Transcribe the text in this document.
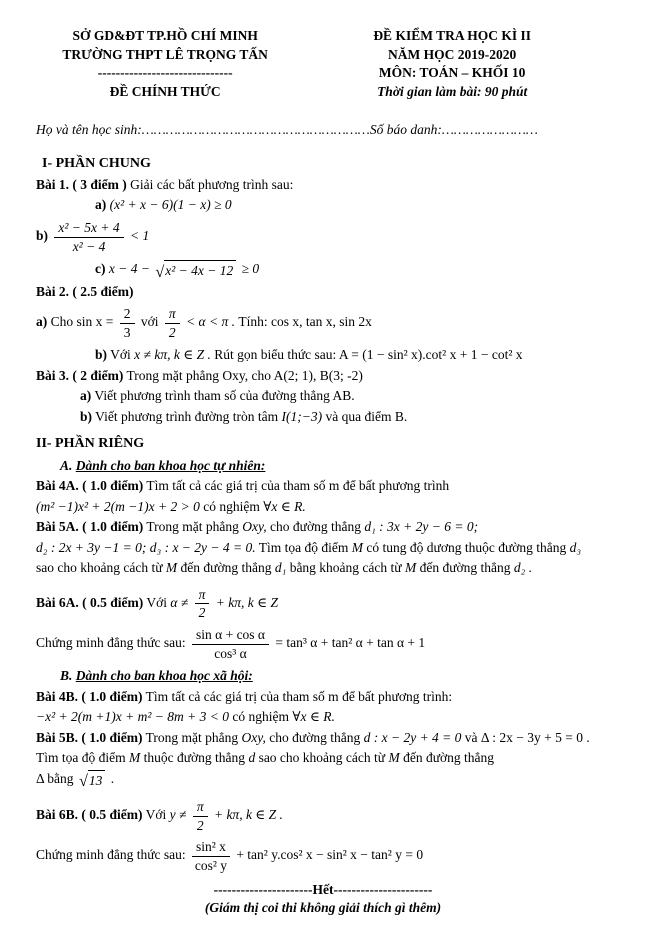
SỞ GD&ĐT TP.HỒ CHÍ MINH
TRƯỜNG THPT LÊ TRỌNG TẤN
------------------------------
ĐỀ CHÍNH THỨC
ĐỀ KIỂM TRA HỌC KÌ II
NĂM HỌC 2019-2020
MÔN: TOÁN – KHỐI 10
Thời gian làm bài: 90 phút
Họ và tên học sinh:…………………………………………………Số báo danh:……………………
I- PHẦN CHUNG
Bài 1. ( 3 điểm ) Giải các bất phương trình sau:
a) (x² + x − 6)(1 − x) ≥ 0
$b) \frac{\text{x² − 5x + 4}}{\text{x² − 4}} < 1$
c) x − 4 − √ x² − 4x − 12 ≥ 0
Bài 2. ( 2.5 điểm)
a) Cho $\sin x = \frac{2}{3}$ với $\frac{\pi}{2} < \alpha < \pi$ . Tính: cos x, tan x, sin 2x
b) Với x ≠ kπ, k ∈ Z . Rút gọn biểu thức sau: A = (1 − sin² x).cot² x + 1 − cot² x
Bài 3. ( 2 điểm) Trong mặt phẳng Oxy, cho A(2; 1), B(3; -2)
a) Viết phương trình tham số của đường thẳng AB.
b) Viết phương trình đường tròn tâm I(1;−3) và qua điểm B.
II- PHẦN RIÊNG
A. Dành cho ban khoa học tự nhiên:
Bài 4A. ( 1.0 điểm) Tìm tất cả các giá trị của tham số m để bất phương trình
(m² −1)x² + 2(m −1)x + 2 > 0 có nghiệm ∀x ∈ R.
Bài 5A. ( 1.0 điểm) Trong mặt phẳng Oxy, cho đường thẳng d₁ : 3x + 2y − 6 = 0;
d₂ : 2x + 3y −1 = 0; d₃ : x − 2y − 4 = 0. Tìm tọa độ điểm M có tung độ dương thuộc đường thẳng d₃
sao cho khoảng cách từ M đến đường thẳng d₁ bằng khoảng cách từ M đến đường thẳng d₂ .
Bài 6A. ( 0.5 điểm) Với $\alpha \ne \frac{\pi}{2} + k\pi$, k ∈ Z
Chứng minh đẳng thức sau: $\frac{\text{sin α + cos α}}{\text{cos³ α}} = \tan^3$ α + tan² α + tan α + 1
B. Dành cho ban khoa học xã hội:
Bài 4B. ( 1.0 điểm) Tìm tất cả các giá trị của tham số m để bất phương trình:
−x² + 2(m +1)x + m² − 8m + 3 < 0 có nghiệm ∀x ∈ R.
Bài 5B. ( 1.0 điểm) Trong mặt phẳng Oxy, cho đường thẳng d : x − 2y + 4 = 0 và Δ : 2x − 3y + 5 = 0 .
Tìm tọa độ điểm M thuộc đường thẳng d sao cho khoảng cách từ M đến đường thẳng
Δ bằng √ 13 .
Bài 6B. ( 0.5 điểm) Với $y \ne \frac{\pi}{2} + k\pi$, k ∈ Z .
Chứng minh đẳng thức sau: $\frac{\text{sin² x}}{\text{cos² y}} + \tan^2$ y.cos² x − sin² x − tan² y = 0
----------------------Hết----------------------
(Giám thị coi thi không giải thích gì thêm)
